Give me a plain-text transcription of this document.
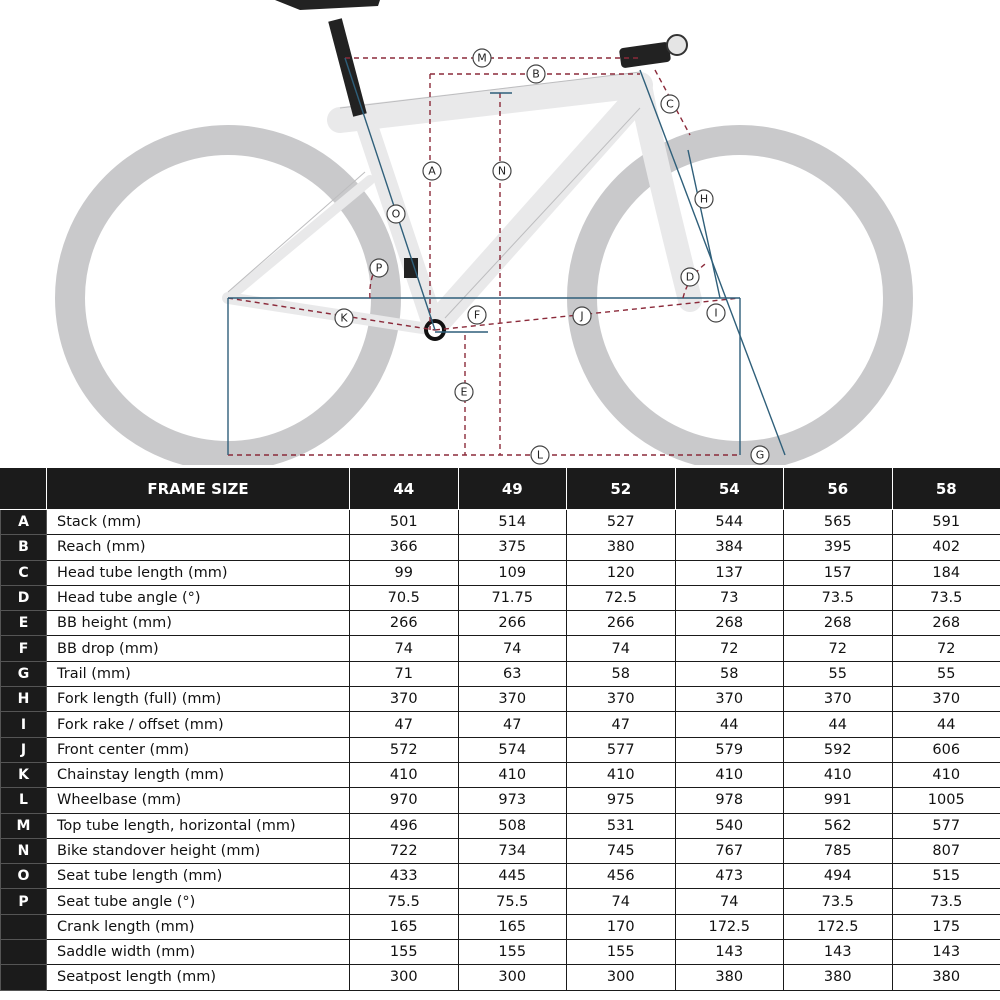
M
B
C
A	N
H
O
D
P
K	F	J	I
E
L	G
	FRAME SIZE	44	49	52	54	56	58
A	Stack (mm)	501	514	527	544	565	591
B	Reach (mm)	366	375	380	384	395	402
C	Head tube length (mm)	99	109	120	137	157	184
D	Head tube angle (°)	70.5	71.75	72.5	73	73.5	73.5
E	BB height (mm)	266	266	266	268	268	268
F	BB drop (mm)	74	74	74	72	72	72
G	Trail (mm)	71	63	58	58	55	55
H	Fork length (full) (mm)	370	370	370	370	370	370
I	Fork rake / offset (mm)	47	47	47	44	44	44
J	Front center (mm)	572	574	577	579	592	606
K	Chainstay length (mm)	410	410	410	410	410	410
L	Wheelbase (mm)	970	973	975	978	991	1005
M	Top tube length, horizontal (mm)	496	508	531	540	562	577
N	Bike standover height (mm)	722	734	745	767	785	807
O	Seat tube length (mm)	433	445	456	473	494	515
P	Seat tube angle (°)	75.5	75.5	74	74	73.5	73.5
	Crank length (mm)	165	165	170	172.5	172.5	175
	Saddle width (mm)	155	155	155	143	143	143
	Seatpost length (mm)	300	300	300	380	380	380
